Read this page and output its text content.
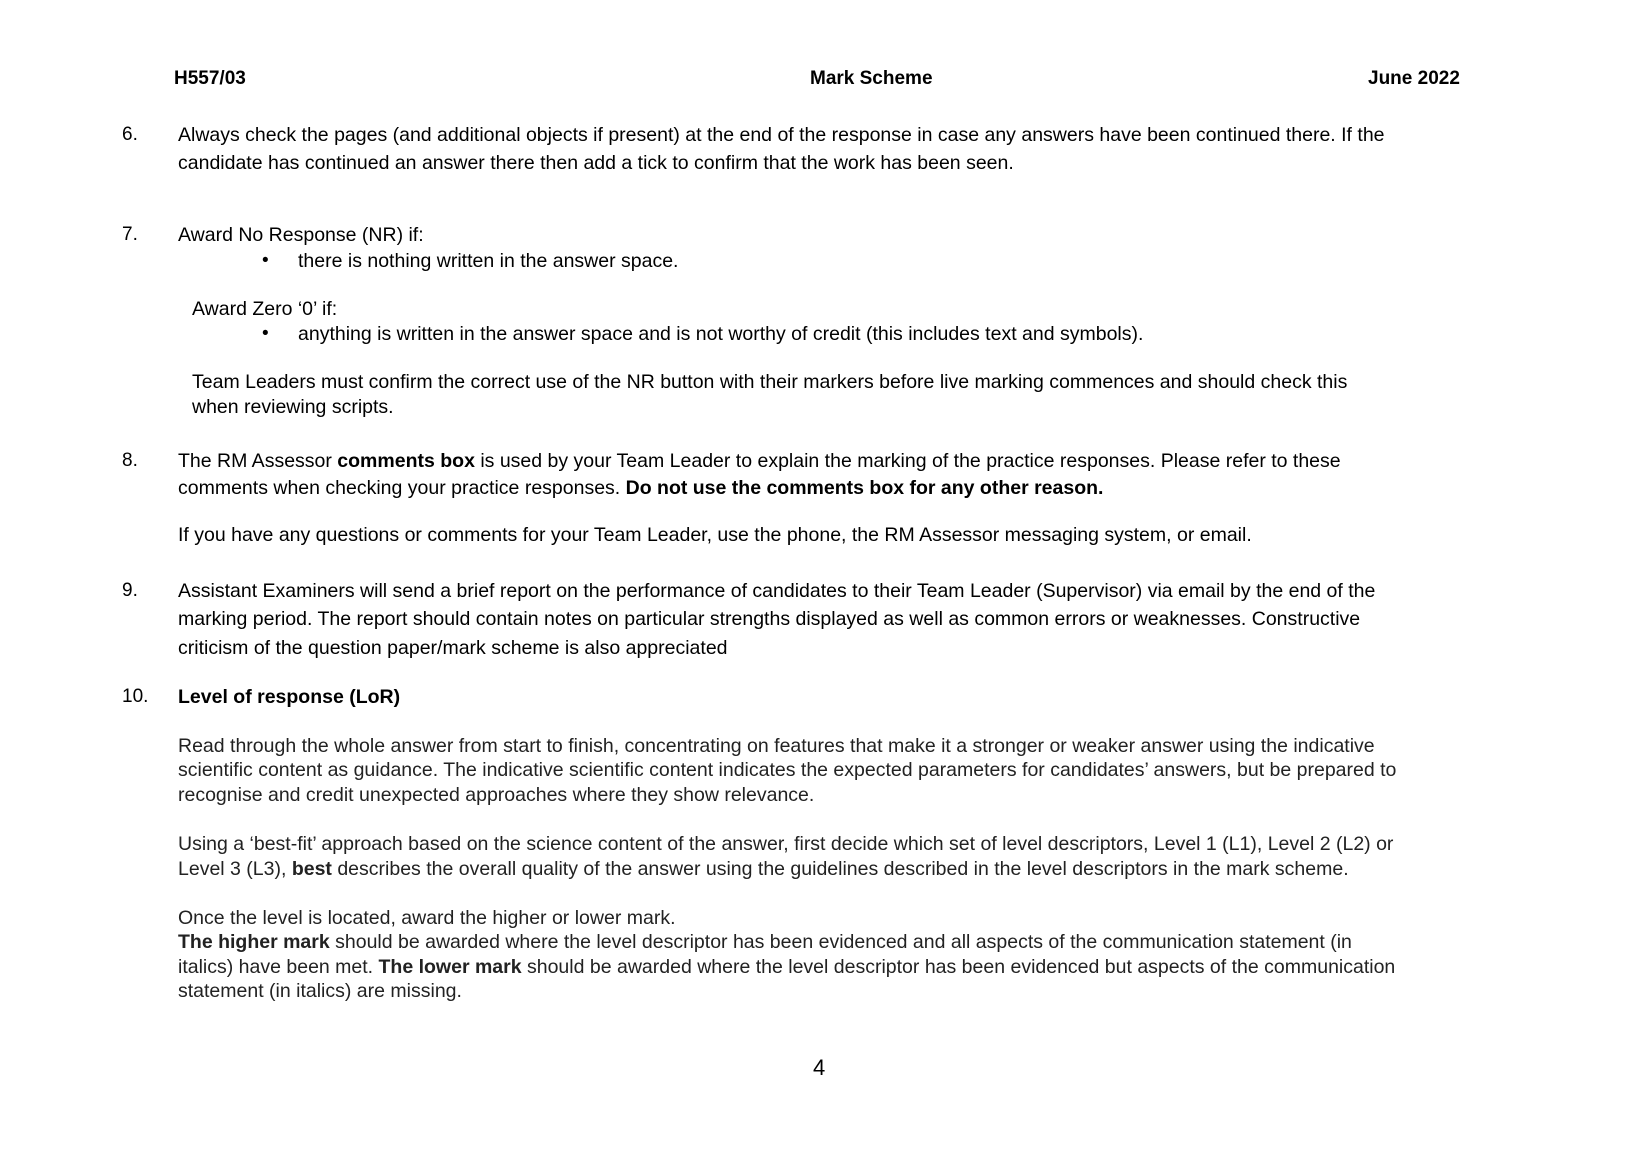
H557/03	Mark Scheme	June 2022
6. Always check the pages (and additional objects if present) at the end of the response in case any answers have been continued there. If the
candidate has continued an answer there then add a tick to confirm that the work has been seen.
7. Award No Response (NR) if:
• there is nothing written in the answer space.
Award Zero ‘0’ if:
• anything is written in the answer space and is not worthy of credit (this includes text and symbols).
Team Leaders must confirm the correct use of the NR button with their markers before live marking commences and should check this
when reviewing scripts.
8. The RM Assessor comments box is used by your Team Leader to explain the marking of the practice responses. Please refer to these
comments when checking your practice responses. Do not use the comments box for any other reason.
If you have any questions or comments for your Team Leader, use the phone, the RM Assessor messaging system, or email.
9. Assistant Examiners will send a brief report on the performance of candidates to their Team Leader (Supervisor) via email by the end of the
marking period. The report should contain notes on particular strengths displayed as well as common errors or weaknesses. Constructive
criticism of the question paper/mark scheme is also appreciated
10. Level of response (LoR)
Read through the whole answer from start to finish, concentrating on features that make it a stronger or weaker answer using the indicative
scientific content as guidance. The indicative scientific content indicates the expected parameters for candidates’ answers, but be prepared to
recognise and credit unexpected approaches where they show relevance.
Using a ‘best-fit’ approach based on the science content of the answer, first decide which set of level descriptors, Level 1 (L1), Level 2 (L2) or
Level 3 (L3), best describes the overall quality of the answer using the guidelines described in the level descriptors in the mark scheme.
Once the level is located, award the higher or lower mark.
The higher mark should be awarded where the level descriptor has been evidenced and all aspects of the communication statement (in
italics) have been met. The lower mark should be awarded where the level descriptor has been evidenced but aspects of the communication
statement (in italics) are missing.
4
